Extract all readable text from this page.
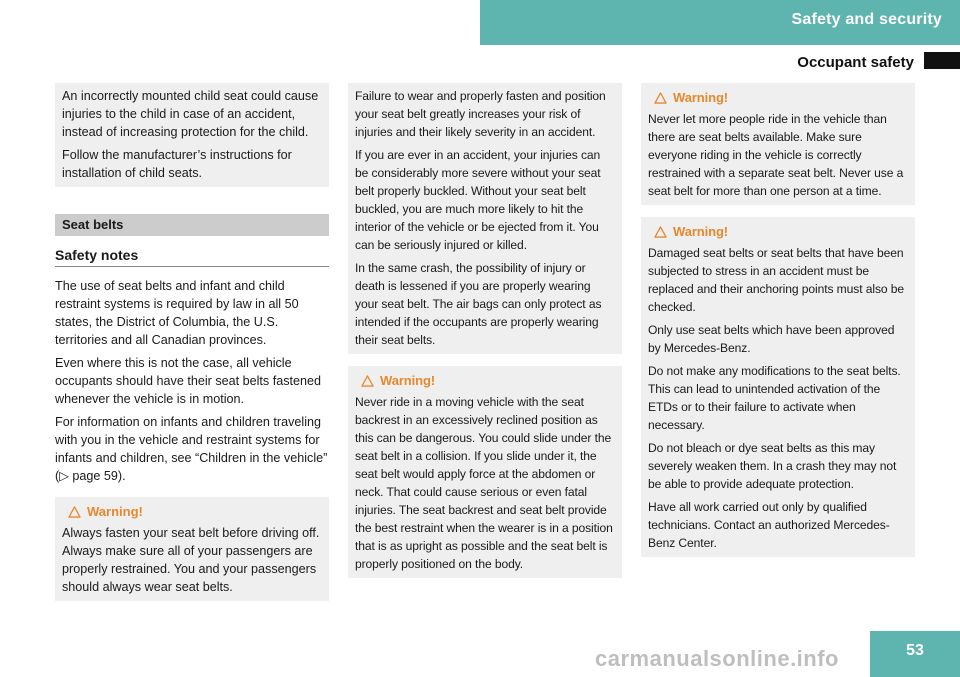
Safety and security
Occupant safety

An incorrectly mounted child seat could cause injuries to the child in case of an accident, instead of increasing protection for the child.

Follow the manufacturer’s instructions for installation of child seats.

Seat belts
Safety notes

The use of seat belts and infant and child restraint systems is required by law in all 50 states, the District of Columbia, the U.S. territories and all Canadian provinces.

Even where this is not the case, all vehicle occupants should have their seat belts fastened whenever the vehicle is in motion.

For information on infants and children traveling with you in the vehicle and restraint systems for infants and children, see “Children in the vehicle” (▷ page 59).

Warning!

Always fasten your seat belt before driving off. Always make sure all of your passengers are properly restrained. You and your passengers should always wear seat belts.

Failure to wear and properly fasten and position your seat belt greatly increases your risk of injuries and their likely severity in an accident.

If you are ever in an accident, your injuries can be considerably more severe without your seat belt properly buckled. Without your seat belt buckled, you are much more likely to hit the interior of the vehicle or be ejected from it. You can be seriously injured or killed.

In the same crash, the possibility of injury or death is lessened if you are properly wearing your seat belt. The air bags can only protect as intended if the occupants are properly wearing their seat belts.

Warning!

Never ride in a moving vehicle with the seat backrest in an excessively reclined position as this can be dangerous. You could slide under the seat belt in a collision. If you slide under it, the seat belt would apply force at the abdomen or neck. That could cause serious or even fatal injuries. The seat backrest and seat belt provide the best restraint when the wearer is in a position that is as upright as possible and the seat belt is properly positioned on the body.

Warning!

Never let more people ride in the vehicle than there are seat belts available. Make sure everyone riding in the vehicle is correctly restrained with a separate seat belt. Never use a seat belt for more than one person at a time.

Warning!

Damaged seat belts or seat belts that have been subjected to stress in an accident must be replaced and their anchoring points must also be checked.

Only use seat belts which have been approved by Mercedes-Benz.

Do not make any modifications to the seat belts. This can lead to unintended activation of the ETDs or to their failure to activate when necessary.

Do not bleach or dye seat belts as this may severely weaken them. In a crash they may not be able to provide adequate protection.

Have all work carried out only by qualified technicians. Contact an authorized Mercedes-Benz Center.

carmanualsonline.info	53
